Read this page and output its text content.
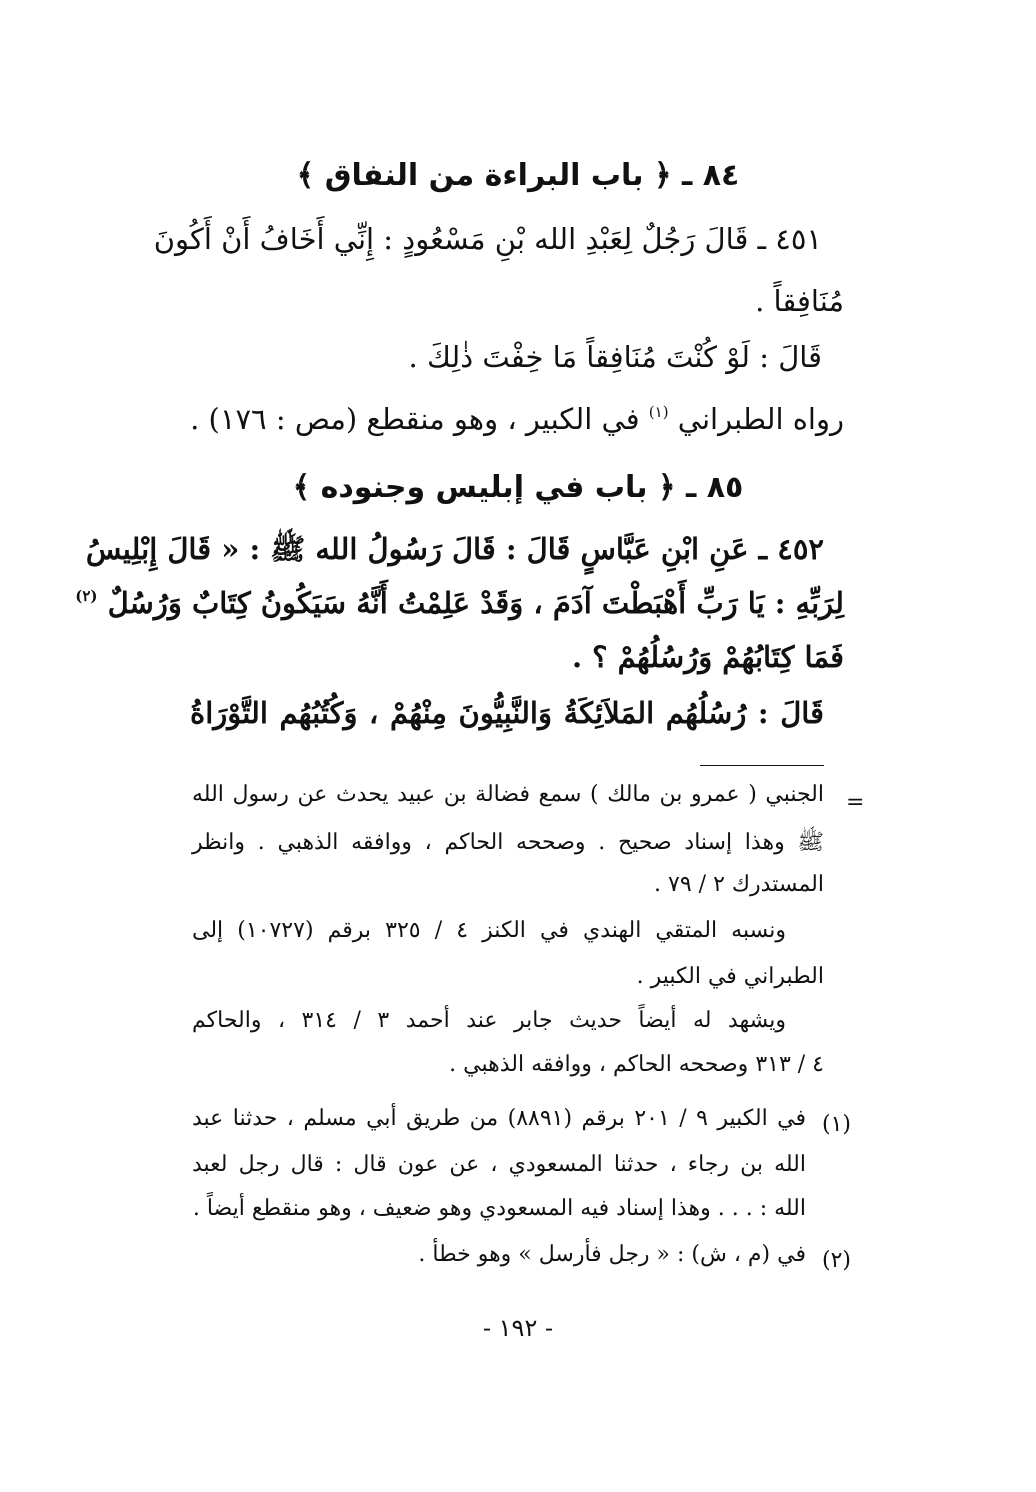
٨٤ ـ ﴿ باب البراءة من النفاق ﴾
٤٥١ ـ قَالَ رَجُلٌ لِعَبْدِ الله بْنِ مَسْعُودٍ : إِنِّي أَخَافُ أَنْ أَكُونَ
مُنَافِقاً .
قَالَ : لَوْ كُنْتَ مُنَافِقاً مَا خِفْتَ ذٰلِكَ .
رواه الطبراني $^{(١)}$ في الكبير ، وهو منقطع (مص : ١٧٦) .
٨٥ ـ ﴿ باب في إبليس وجنوده ﴾
٤٥٢ ـ عَنِ ابْنِ عَبَّاسٍ قَالَ : قَالَ رَسُولُ الله ﷺ : « قَالَ إِبْلِيسُ
لِرَبِّهِ : يَا رَبِّ أَهْبَطْتَ آدَمَ ، وَقَدْ عَلِمْتُ أَنَّهُ سَيَكُونُ كِتَابٌ وَرُسُلٌ $^{(٢)}$
فَمَا كِتَابُهُمْ وَرُسُلُهُمْ ؟ .
قَالَ : رُسُلُهُم المَلاَئِكَةُ وَالنَّبِيُّونَ مِنْهُمْ ، وَكُتُبُهُم التَّوْرَاةُ
=
الجنبي ( عمرو بن مالك ) سمع فضالة بن عبيد يحدث عن رسول الله
ﷺ وهذا إسناد صحيح . وصححه الحاكم ، ووافقه الذهبي . وانظر
المستدرك ٢ / ٧٩ .
ونسبه المتقي الهندي في الكنز ٤ / ٣٢٥ برقم (١٠٧٢٧) إلى
الطبراني في الكبير .
ويشهد له أيضاً حديث جابر عند أحمد ٣ / ٣١٤ ، والحاكم
٤ / ٣١٣ وصححه الحاكم ، ووافقه الذهبي .
(١)
في الكبير ٩ / ٢٠١ برقم (٨٨٩١) من طريق أبي مسلم ، حدثنا عبد
الله بن رجاء ، حدثنا المسعودي ، عن عون قال : قال رجل لعبد
الله : . . . وهذا إسناد فيه المسعودي وهو ضعيف ، وهو منقطع أيضاً .
(٢)
في (م ، ش) : « رجل فأرسل » وهو خطأ .
- ١٩٢ -
